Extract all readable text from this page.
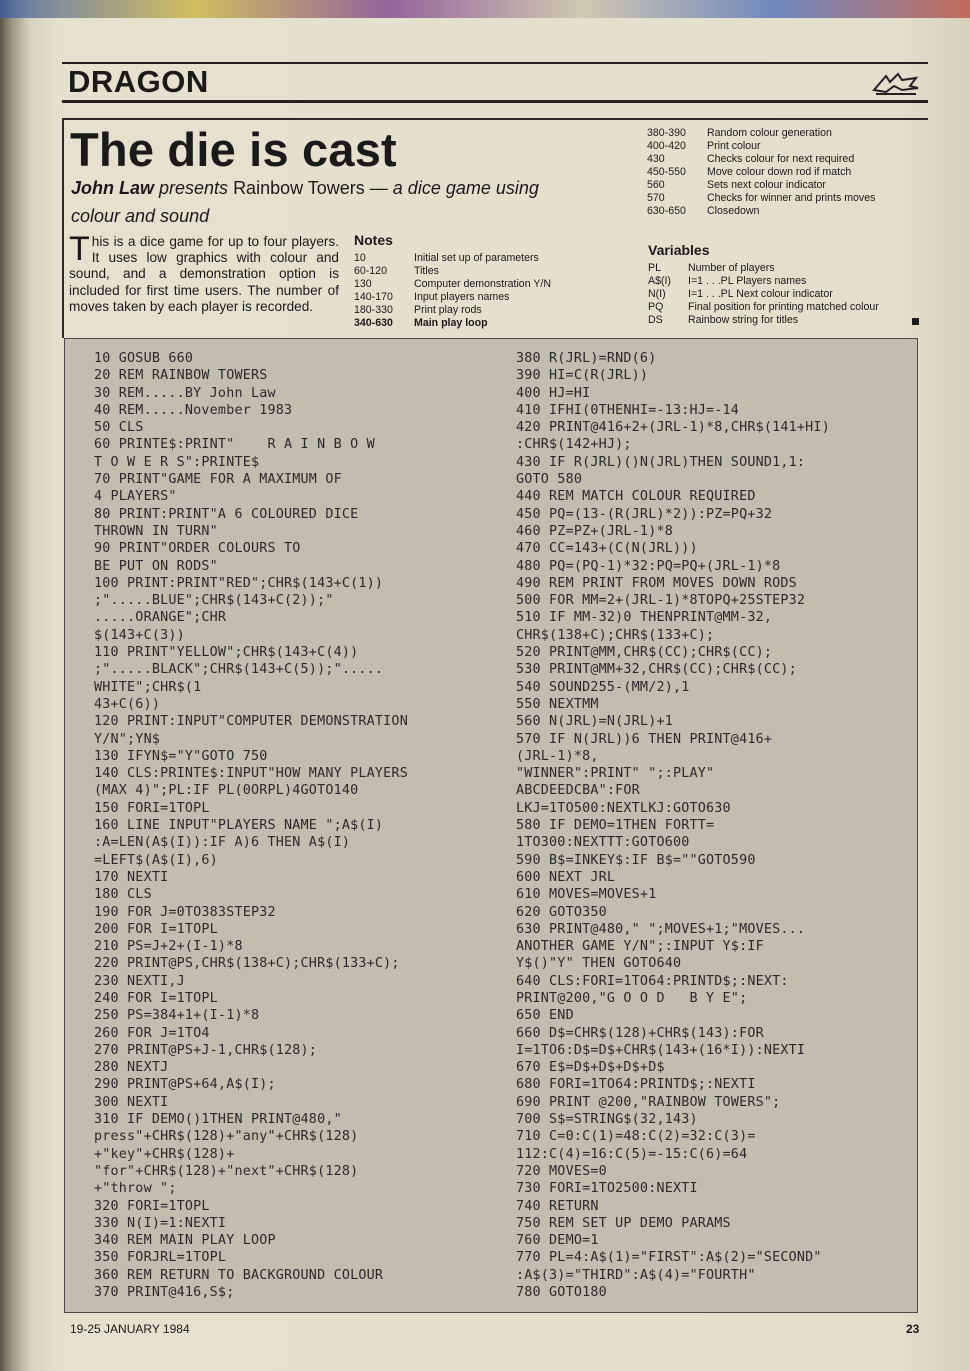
DRAGON
The die is cast
John Law presents Rainbow Towers — a dice game using colour and sound
This is a dice game for up to four players. It uses low graphics with colour and sound, and a demonstration option is included for first time users. The number of moves taken by each player is recorded.
Notes
10	Initial set up of parameters
60-120	Titles
130	Computer demonstration Y/N
140-170	Input players names
180-330	Print play rods
340-630	Main play loop
380-390	Random colour generation
400-420	Print colour
430	Checks colour for next required
450-550	Move colour down rod if match
560	Sets next colour indicator
570	Checks for winner and prints moves
630-650	Closedown
Variables
PL	Number of players
A$(I)	I=1 . . .PL Players names
N(I)	I=1 . . .PL Next colour indicator
PQ	Final position for printing matched colour
DS	Rainbow string for titles
10 GOSUB 660
20 REM RAINBOW TOWERS
30 REM.....BY John Law
40 REM.....November 1983
50 CLS
60 PRINTE$:PRINT"    R A I N B O W
T O W E R S":PRINTE$
70 PRINT"GAME FOR A MAXIMUM OF
4 PLAYERS"
80 PRINT:PRINT"A 6 COLOURED DICE
THROWN IN TURN"
90 PRINT"ORDER COLOURS TO
BE PUT ON RODS"
100 PRINT:PRINT"RED";CHR$(143+C(1))
;".....BLUE";CHR$(143+C(2));"
.....ORANGE";CHR
$(143+C(3))
110 PRINT"YELLOW";CHR$(143+C(4))
;".....BLACK";CHR$(143+C(5));".....
WHITE";CHR$(1
43+C(6))
120 PRINT:INPUT"COMPUTER DEMONSTRATION
Y/N";YN$
130 IFYN$="Y"GOTO 750
140 CLS:PRINTE$:INPUT"HOW MANY PLAYERS
(MAX 4)";PL:IF PL(0ORPL)4GOTO140
150 FORI=1TOPL
160 LINE INPUT"PLAYERS NAME ";A$(I)
:A=LEN(A$(I)):IF A)6 THEN A$(I)
=LEFT$(A$(I),6)
170 NEXTI
180 CLS
190 FOR J=0TO383STEP32
200 FOR I=1TOPL
210 PS=J+2+(I-1)*8
220 PRINT@PS,CHR$(138+C);CHR$(133+C);
230 NEXTI,J
240 FOR I=1TOPL
250 PS=384+1+(I-1)*8
260 FOR J=1TO4
270 PRINT@PS+J-1,CHR$(128);
280 NEXTJ
290 PRINT@PS+64,A$(I);
300 NEXTI
310 IF DEMO()1THEN PRINT@480,"
press"+CHR$(128)+"any"+CHR$(128)
+"key"+CHR$(128)+
"for"+CHR$(128)+"next"+CHR$(128)
+"throw ";
320 FORI=1TOPL
330 N(I)=1:NEXTI
340 REM MAIN PLAY LOOP
350 FORJRL=1TOPL
360 REM RETURN TO BACKGROUND COLOUR
370 PRINT@416,S$;
380 R(JRL)=RND(6)
390 HI=C(R(JRL))
400 HJ=HI
410 IFHI(0THENHI=-13:HJ=-14
420 PRINT@416+2+(JRL-1)*8,CHR$(141+HI)
:CHR$(142+HJ);
430 IF R(JRL)()N(JRL)THEN SOUND1,1:
GOTO 580
440 REM MATCH COLOUR REQUIRED
450 PQ=(13-(R(JRL)*2)):PZ=PQ+32
460 PZ=PZ+(JRL-1)*8
470 CC=143+(C(N(JRL)))
480 PQ=(PQ-1)*32:PQ=PQ+(JRL-1)*8
490 REM PRINT FROM MOVES DOWN RODS
500 FOR MM=2+(JRL-1)*8TOPQ+25STEP32
510 IF MM-32)0 THENPRINT@MM-32,
CHR$(138+C);CHR$(133+C);
520 PRINT@MM,CHR$(CC);CHR$(CC);
530 PRINT@MM+32,CHR$(CC);CHR$(CC);
540 SOUND255-(MM/2),1
550 NEXTMM
560 N(JRL)=N(JRL)+1
570 IF N(JRL))6 THEN PRINT@416+
(JRL-1)*8,
"WINNER":PRINT" ";:PLAY"
ABCDEEDCBA":FOR
LKJ=1TO500:NEXTLKJ:GOTO630
580 IF DEMO=1THEN FORTT=
1TO300:NEXTTT:GOTO600
590 B$=INKEY$:IF B$=""GOTO590
600 NEXT JRL
610 MOVES=MOVES+1
620 GOTO350
630 PRINT@480," ";MOVES+1;"MOVES...
ANOTHER GAME Y/N";:INPUT Y$:IF
Y$()"Y" THEN GOTO640
640 CLS:FORI=1TO64:PRINTD$;:NEXT:
PRINT@200,"G O O D   B Y E";
650 END
660 D$=CHR$(128)+CHR$(143):FOR
I=1TO6:D$=D$+CHR$(143+(16*I)):NEXTI
670 E$=D$+D$+D$+D$
680 FORI=1TO64:PRINTD$;:NEXTI
690 PRINT @200,"RAINBOW TOWERS";
700 S$=STRING$(32,143)
710 C=0:C(1)=48:C(2)=32:C(3)=
112:C(4)=16:C(5)=-15:C(6)=64
720 MOVES=0
730 FORI=1TO2500:NEXTI
740 RETURN
750 REM SET UP DEMO PARAMS
760 DEMO=1
770 PL=4:A$(1)="FIRST":A$(2)="SECOND"
:A$(3)="THIRD":A$(4)="FOURTH"
780 GOTO180
19-25 JANUARY 1984	23
